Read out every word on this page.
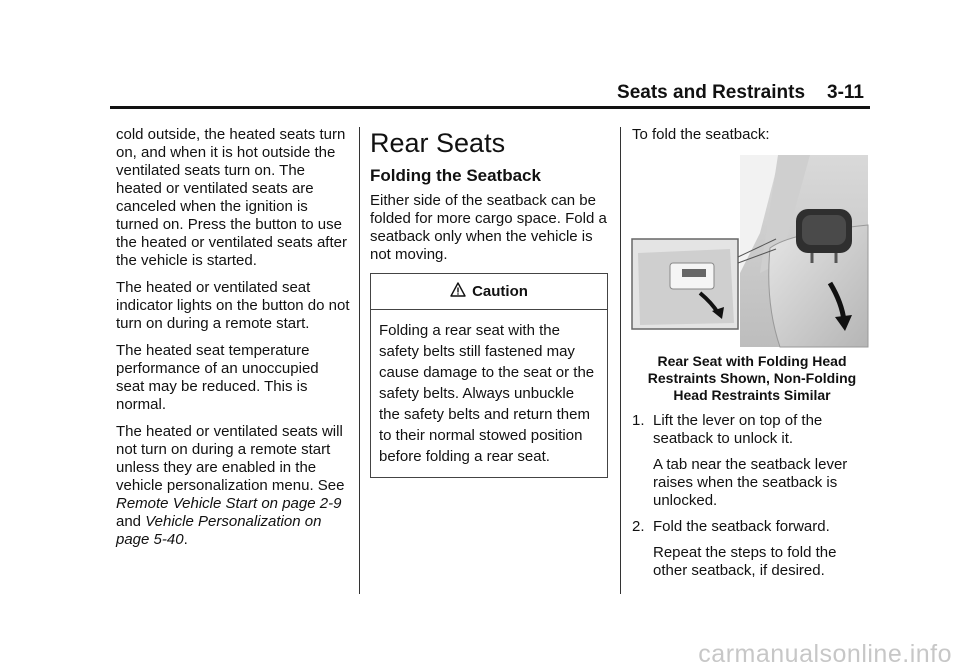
Seats and Restraints 3-11

cold outside, the heated seats turn on, and when it is hot outside the ventilated seats turn on. The heated or ventilated seats are canceled when the ignition is turned on. Press the button to use the heated or ventilated seats after the vehicle is started.

The heated or ventilated seat indicator lights on the button do not turn on during a remote start.

The heated seat temperature performance of an unoccupied seat may be reduced. This is normal.

The heated or ventilated seats will not turn on during a remote start unless they are enabled in the vehicle personalization menu. See Remote Vehicle Start on page 2-9 and Vehicle Personalization on page 5-40.

Rear Seats
Folding the Seatback

Either side of the seatback can be folded for more cargo space. Fold a seatback only when the vehicle is not moving.

Caution
Folding a rear seat with the safety belts still fastened may cause damage to the seat or the safety belts. Always unbuckle the safety belts and return them to their normal stowed position before folding a rear seat.

To fold the seatback:

Rear Seat with Folding Head Restraints Shown, Non-Folding Head Restraints Similar
1. Lift the lever on top of the seatback to unlock it.
A tab near the seatback lever raises when the seatback is unlocked.
2. Fold the seatback forward.
Repeat the steps to fold the other seatback, if desired.
carmanualsonline.info
